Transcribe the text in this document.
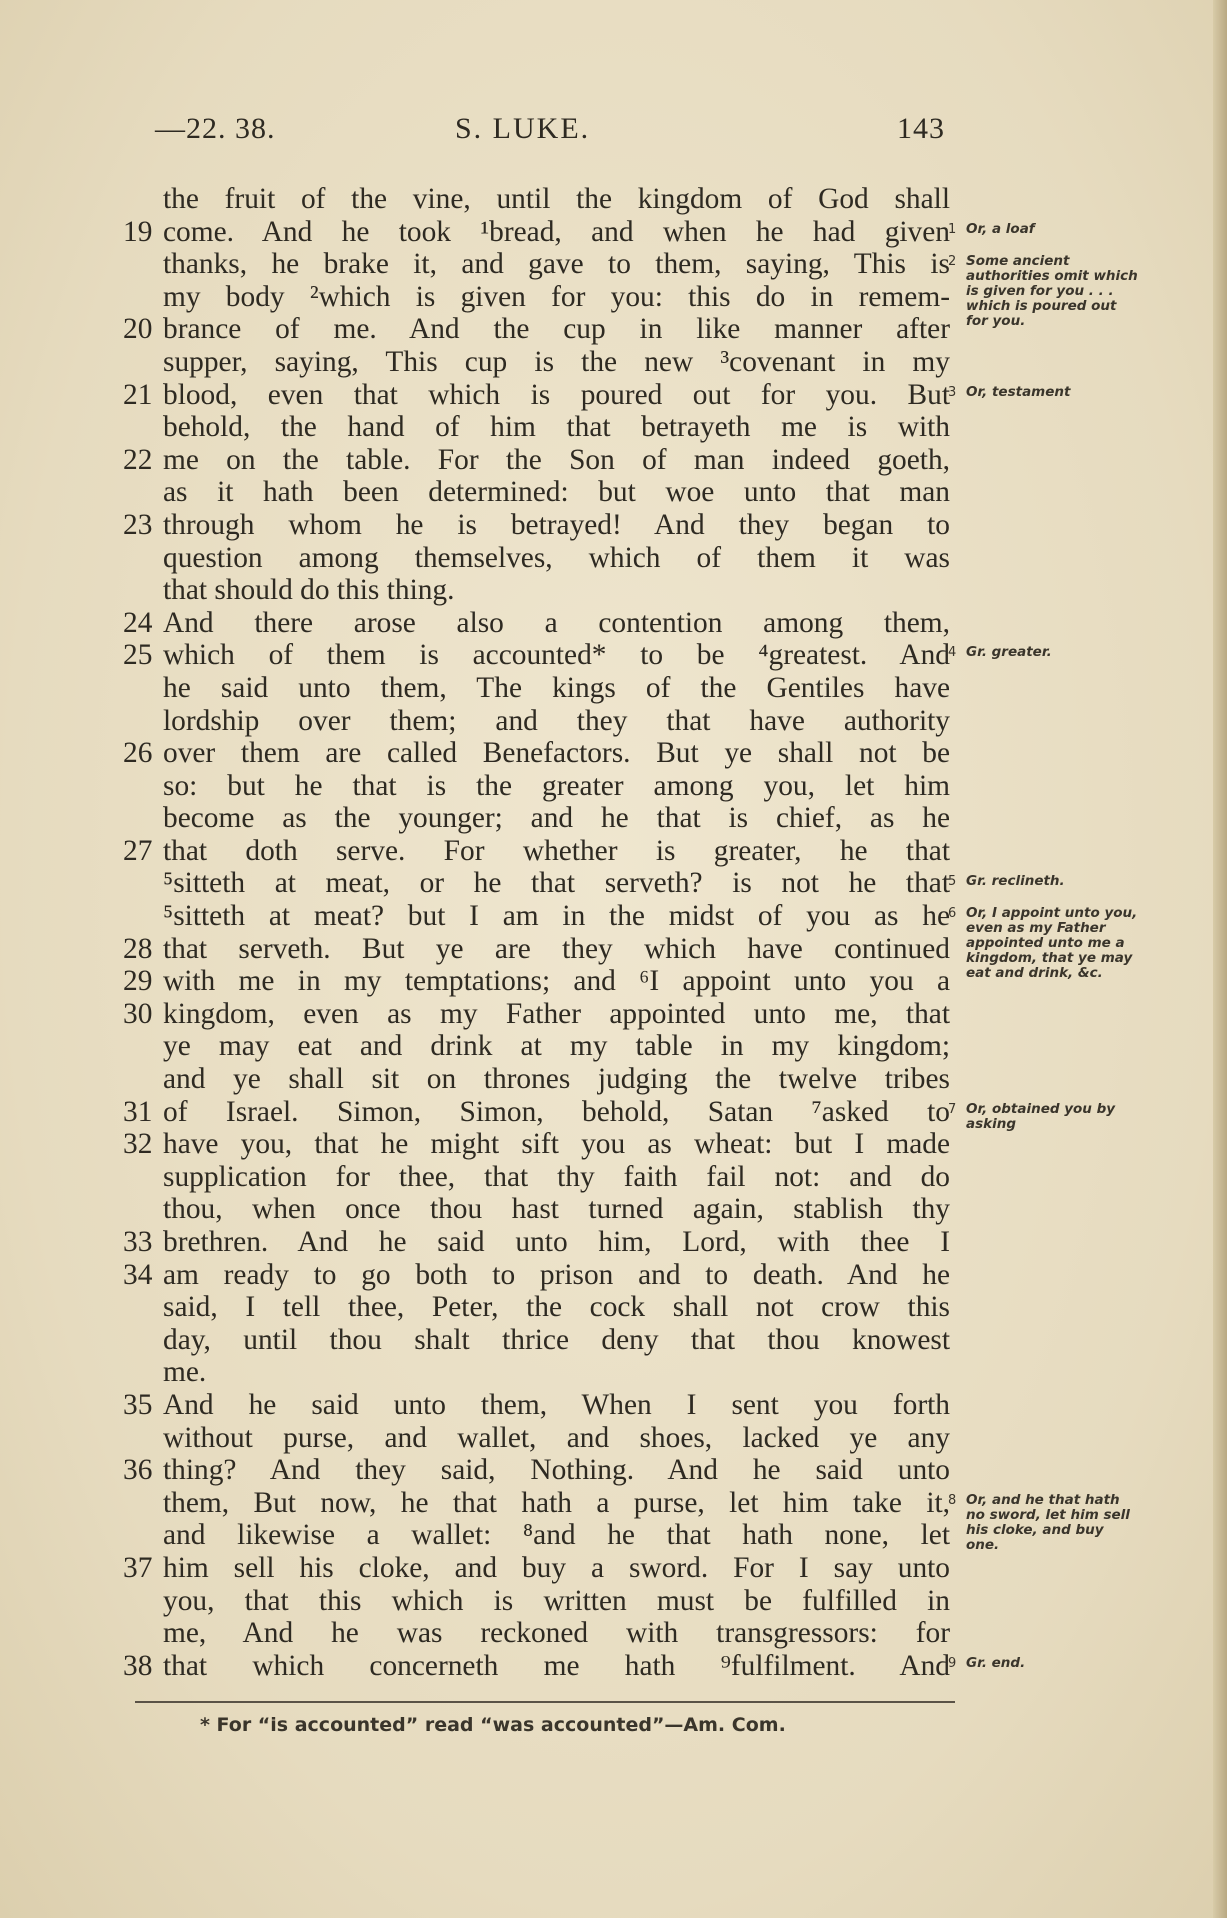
—22. 38.	S. LUKE.	143
the fruit of the vine, until the kingdom of God shall
19 come. And he took ¹bread, and when he had given
thanks, he brake it, and gave to them, saying, This is
my body ²which is given for you: this do in remem-
20 brance of me. And the cup in like manner after
supper, saying, This cup is the new ³covenant in my
21 blood, even that which is poured out for you. But
behold, the hand of him that betrayeth me is with
22 me on the table. For the Son of man indeed goeth,
as it hath been determined: but woe unto that man
23 through whom he is betrayed! And they began to
question among themselves, which of them it was
that should do this thing.
24 And there arose also a contention among them,
25 which of them is accounted* to be ⁴greatest. And
he said unto them, The kings of the Gentiles have
lordship over them; and they that have authority
26 over them are called Benefactors. But ye shall not be
so: but he that is the greater among you, let him
become as the younger; and he that is chief, as he
27 that doth serve. For whether is greater, he that
⁵sitteth at meat, or he that serveth? is not he that
⁵sitteth at meat? but I am in the midst of you as he
28 that serveth. But ye are they which have continued
29 with me in my temptations; and ⁶I appoint unto you a
30 kingdom, even as my Father appointed unto me, that
ye may eat and drink at my table in my kingdom;
and ye shall sit on thrones judging the twelve tribes
31 of Israel. Simon, Simon, behold, Satan ⁷asked to
32 have you, that he might sift you as wheat: but I made
supplication for thee, that thy faith fail not: and do
thou, when once thou hast turned again, stablish thy
33 brethren. And he said unto him, Lord, with thee I
34 am ready to go both to prison and to death. And he
said, I tell thee, Peter, the cock shall not crow this
day, until thou shalt thrice deny that thou knowest
me.
35 And he said unto them, When I sent you forth
without purse, and wallet, and shoes, lacked ye any
36 thing? And they said, Nothing. And he said unto
them, But now, he that hath a purse, let him take it,
and likewise a wallet: ⁸and he that hath none, let
37 him sell his cloke, and buy a sword. For I say unto
you, that this which is written must be fulfilled in
me, And he was reckoned with transgressors: for
38 that which concerneth me hath ⁹fulfilment. And
1 Or, a loaf
2 Some ancient authorities omit which is given for you . . . which is poured out for you.
3 Or, testament
4 Gr. greater.
5 Gr. reclineth.
6 Or, I appoint unto you, even as my Father appointed unto me a kingdom, that ye may eat and drink, &c.
7 Or, obtained you by asking
8 Or, and he that hath no sword, let him sell his cloke, and buy one.
9 Gr. end.
* For “is accounted” read “was accounted”—Am. Com.
